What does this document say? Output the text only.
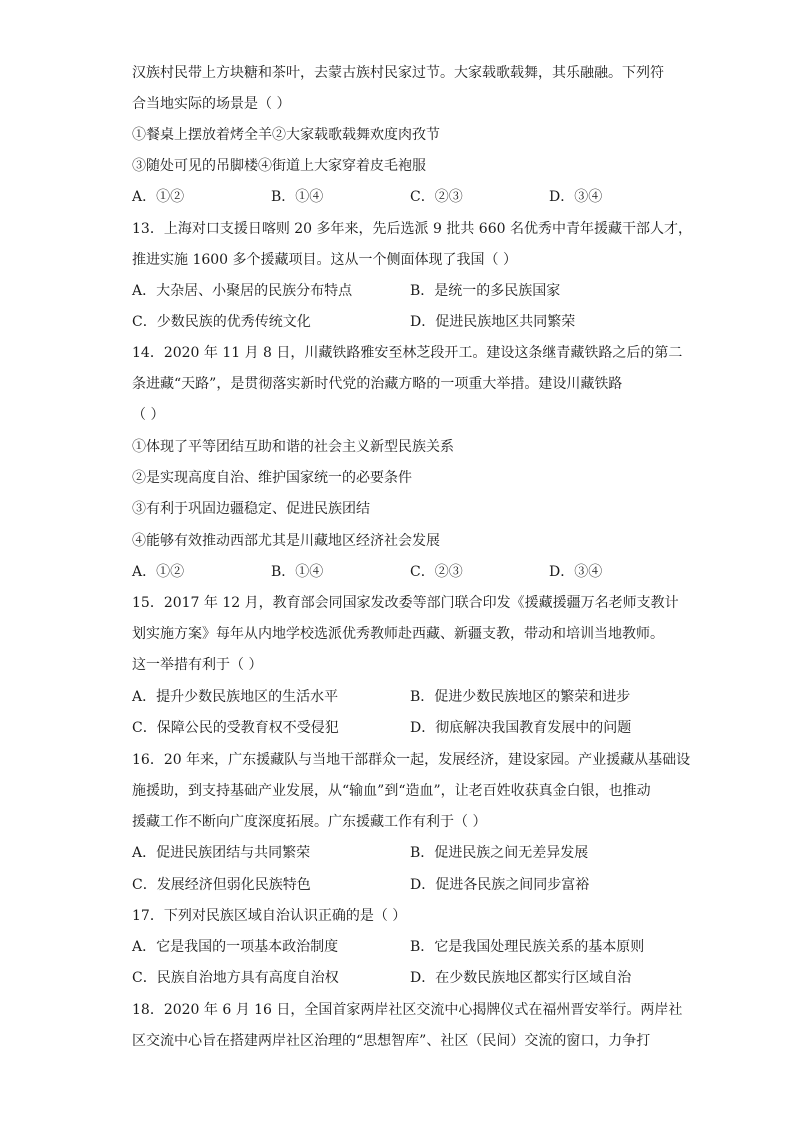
汉族村民带上方块糖和茶叶，去蒙古族村民家过节。大家载歌载舞，其乐融融。下列符
合当地实际的场景是（ ）
①餐桌上摆放着烤全羊②大家载歌载舞欢度肉孜节
③随处可见的吊脚楼④街道上大家穿着皮毛袍服
A．①②	B．①④	C．②③	D．③④
13．上海对口支援日喀则 20 多年来，先后选派 9 批共 660 名优秀中青年援藏干部人才，
推进实施 1600 多个援藏项目。这从一个侧面体现了我国（ ）
A．大杂居、小聚居的民族分布特点	B．是统一的多民族国家
C．少数民族的优秀传统文化	D．促进民族地区共同繁荣
14．2020 年 11 月 8 日，川藏铁路雅安至林芝段开工。建设这条继青藏铁路之后的第二
条进藏“天路”，是贯彻落实新时代党的治藏方略的一项重大举措。建设川藏铁路
（ ）
①体现了平等团结互助和谐的社会主义新型民族关系
②是实现高度自治、维护国家统一的必要条件
③有利于巩固边疆稳定、促进民族团结
④能够有效推动西部尤其是川藏地区经济社会发展
A．①②	B．①④	C．②③	D．③④
15．2017 年 12 月，教育部会同国家发改委等部门联合印发《援藏援疆万名老师支教计
划实施方案》每年从内地学校选派优秀教师赴西藏、新疆支教，带动和培训当地教师。
这一举措有利于（ ）
A．提升少数民族地区的生活水平	B．促进少数民族地区的繁荣和进步
C．保障公民的受教育权不受侵犯	D．彻底解决我国教育发展中的问题
16．20 年来，广东援藏队与当地干部群众一起，发展经济，建设家园。产业援藏从基础设
施援助，到支持基础产业发展，从“输血”到“造血”，让老百姓收获真金白银，也推动
援藏工作不断向广度深度拓展。广东援藏工作有利于（ ）
A．促进民族团结与共同繁荣	B．促进民族之间无差异发展
C．发展经济但弱化民族特色	D．促进各民族之间同步富裕
17．下列对民族区域自治认识正确的是（ ）
A．它是我国的一项基本政治制度	B．它是我国处理民族关系的基本原则
C．民族自治地方具有高度自治权	D．在少数民族地区都实行区域自治
18．2020 年 6 月 16 日，全国首家两岸社区交流中心揭牌仪式在福州晋安举行。两岸社
区交流中心旨在搭建两岸社区治理的“思想智库”、社区（民间）交流的窗口，力争打
